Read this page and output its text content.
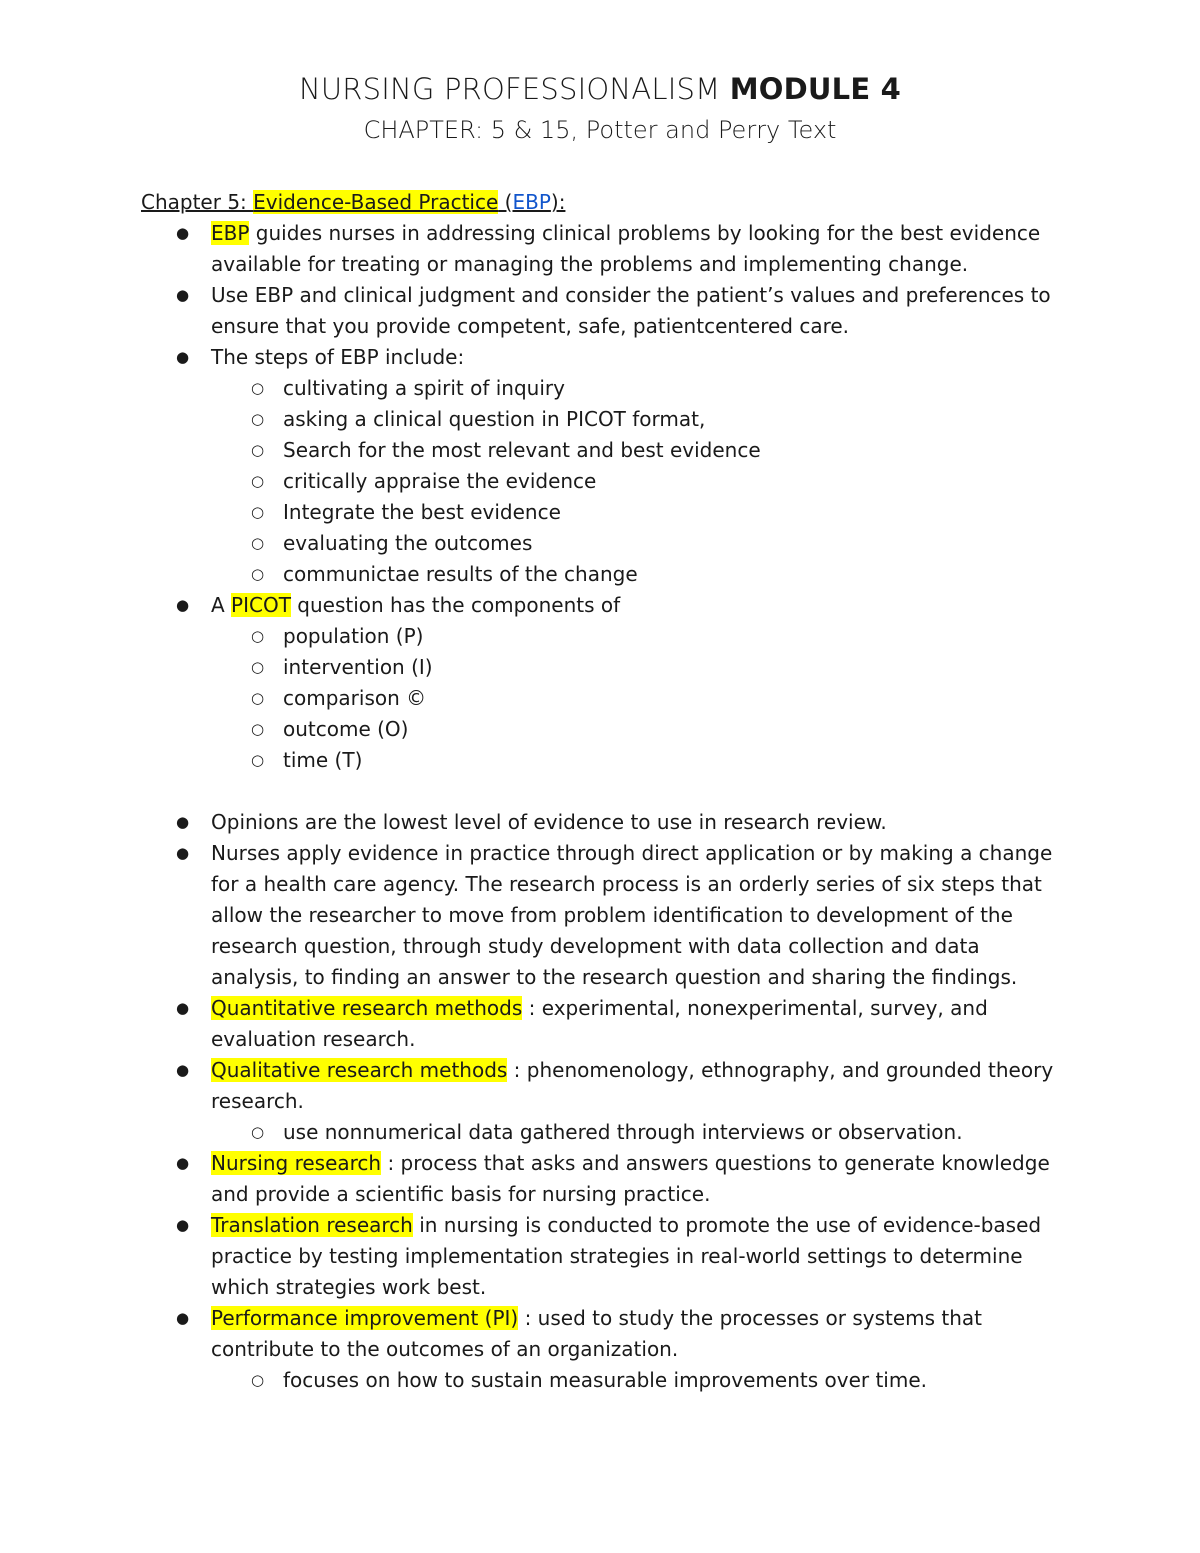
NURSING PROFESSIONALISM MODULE 4
CHAPTER: 5 & 15, Potter and Perry Text
Chapter 5: Evidence-Based Practice (EBP):
● EBP guides nurses in addressing clinical problems by looking for the best evidence available for treating or managing the problems and implementing change.
● Use EBP and clinical judgment and consider the patient’s values and preferences to ensure that you provide competent, safe, patientcentered care.
● The steps of EBP include:
○ cultivating a spirit of inquiry
○ asking a clinical question in PICOT format,
○ Search for the most relevant and best evidence
○ critically appraise the evidence
○ Integrate the best evidence
○ evaluating the outcomes
○ communictae results of the change
● A PICOT question has the components of
○ population (P)
○ intervention (I)
○ comparison ©
○ outcome (O)
○ time (T)
● Opinions are the lowest level of evidence to use in research review.
● Nurses apply evidence in practice through direct application or by making a change for a health care agency. The research process is an orderly series of six steps that allow the researcher to move from problem identification to development of the research question, through study development with data collection and data analysis, to finding an answer to the research question and sharing the findings.
● Quantitative research methods : experimental, nonexperimental, survey, and evaluation research.
● Qualitative research methods : phenomenology, ethnography, and grounded theory research.
○ use nonnumerical data gathered through interviews or observation.
● Nursing research : process that asks and answers questions to generate knowledge and provide a scientific basis for nursing practice.
● Translation research in nursing is conducted to promote the use of evidence-based practice by testing implementation strategies in real-world settings to determine which strategies work best.
● Performance improvement (PI) : used to study the processes or systems that contribute to the outcomes of an organization.
○ focuses on how to sustain measurable improvements over time.
